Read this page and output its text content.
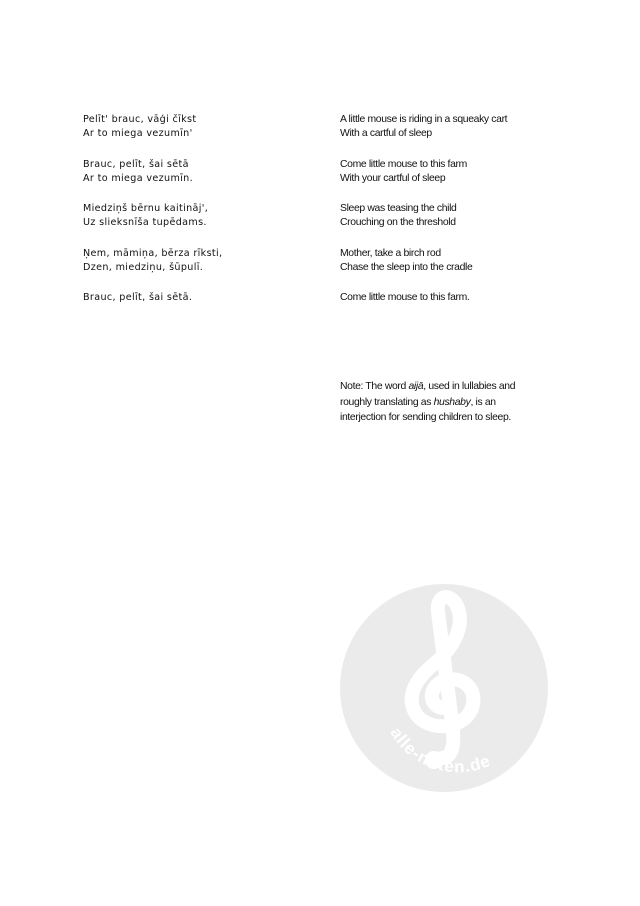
Pelīt' brauc, vāģi čīkst
Ar to miega vezumīn'
Brauc, pelīt, šai sētā
Ar to miega vezumīn.
Miedziņš bērnu kaitināj',
Uz slieksnīša tupēdams.
Ņem, māmiņa, bērza rīksti,
Dzen, miedziņu, šūpulī.
Brauc, pelīt, šai sētā.
A little mouse is riding in a squeaky cart
With a cartful of sleep
Come little mouse to this farm
With your cartful of sleep
Sleep was teasing the child
Crouching on the threshold
Mother, take a birch rod
Chase the sleep into the cradle
Come little mouse to this farm.
Note: The word aijā, used in lullabies and
roughly translating as hushaby, is an
interjection for sending children to sleep.
alle-noten.de
